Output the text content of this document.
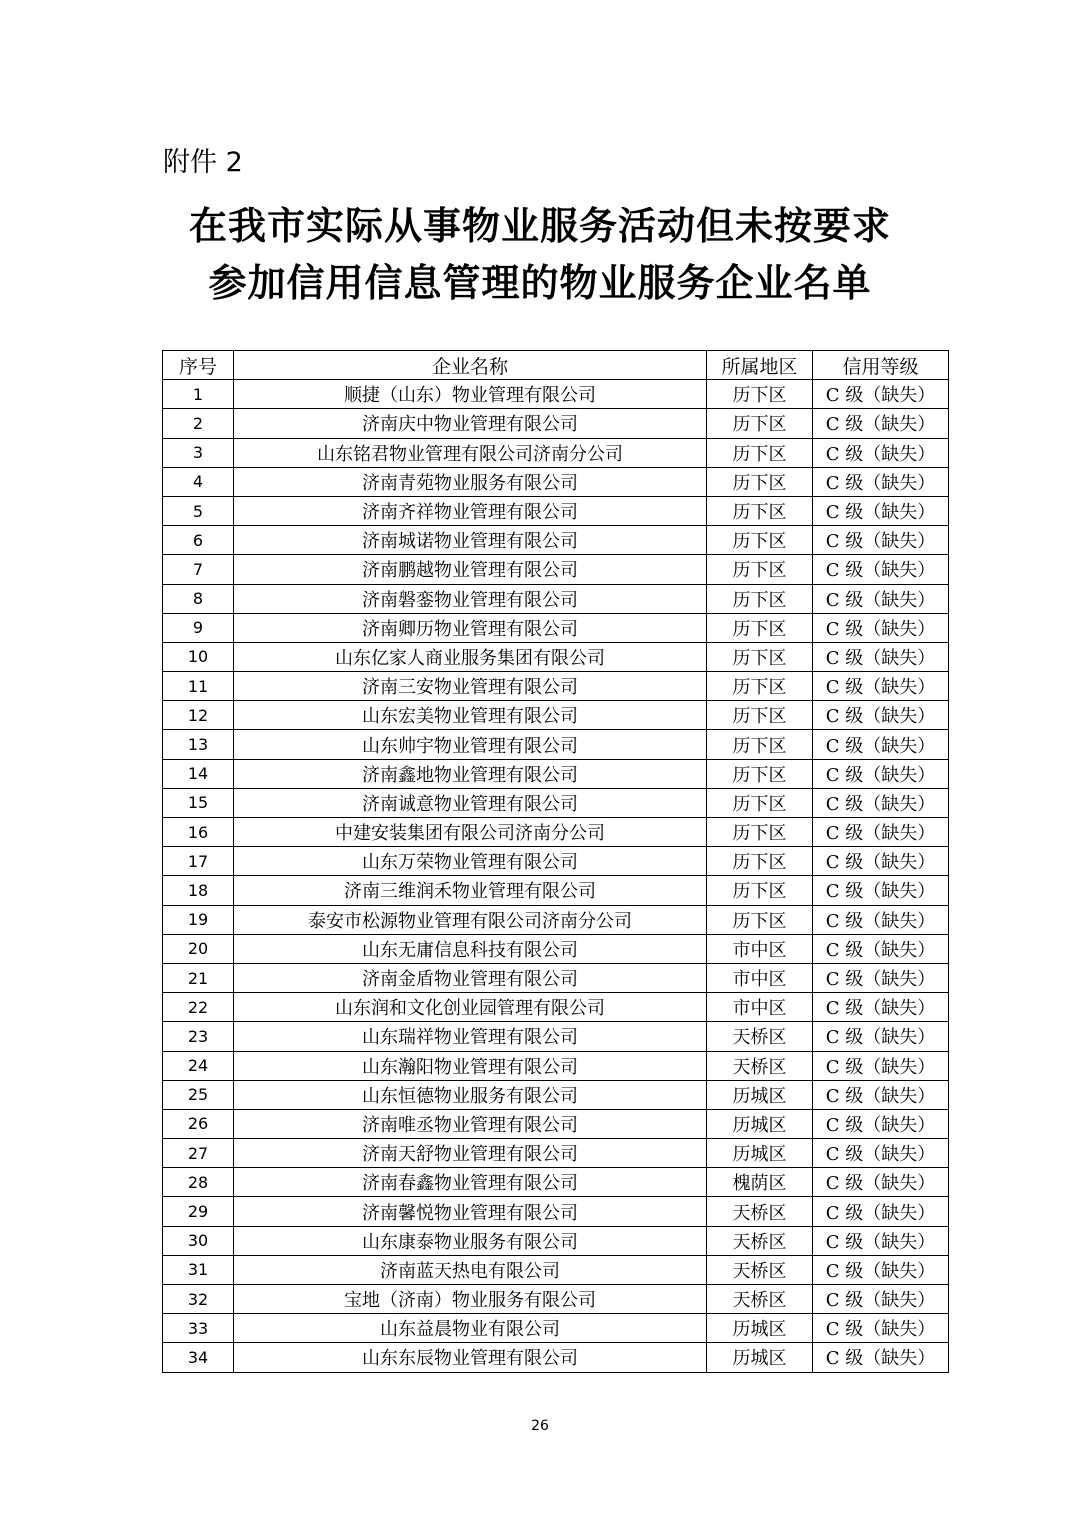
附件 2
在我市实际从事物业服务活动但未按要求
参加信用信息管理的物业服务企业名单
序号	企业名称	所属地区	信用等级
1	顺捷（山东）物业管理有限公司	历下区	C 级（缺失）
2	济南庆中物业管理有限公司	历下区	C 级（缺失）
3	山东铭君物业管理有限公司济南分公司	历下区	C 级（缺失）
4	济南青苑物业服务有限公司	历下区	C 级（缺失）
5	济南齐祥物业管理有限公司	历下区	C 级（缺失）
6	济南城诺物业管理有限公司	历下区	C 级（缺失）
7	济南鹏越物业管理有限公司	历下区	C 级（缺失）
8	济南磐銮物业管理有限公司	历下区	C 级（缺失）
9	济南卿历物业管理有限公司	历下区	C 级（缺失）
10	山东亿家人商业服务集团有限公司	历下区	C 级（缺失）
11	济南三安物业管理有限公司	历下区	C 级（缺失）
12	山东宏美物业管理有限公司	历下区	C 级（缺失）
13	山东帅宇物业管理有限公司	历下区	C 级（缺失）
14	济南鑫地物业管理有限公司	历下区	C 级（缺失）
15	济南诚意物业管理有限公司	历下区	C 级（缺失）
16	中建安装集团有限公司济南分公司	历下区	C 级（缺失）
17	山东万荣物业管理有限公司	历下区	C 级（缺失）
18	济南三维润禾物业管理有限公司	历下区	C 级（缺失）
19	泰安市松源物业管理有限公司济南分公司	历下区	C 级（缺失）
20	山东无庸信息科技有限公司	市中区	C 级（缺失）
21	济南金盾物业管理有限公司	市中区	C 级（缺失）
22	山东润和文化创业园管理有限公司	市中区	C 级（缺失）
23	山东瑞祥物业管理有限公司	天桥区	C 级（缺失）
24	山东瀚阳物业管理有限公司	天桥区	C 级（缺失）
25	山东恒德物业服务有限公司	历城区	C 级（缺失）
26	济南唯丞物业管理有限公司	历城区	C 级（缺失）
27	济南天舒物业管理有限公司	历城区	C 级（缺失）
28	济南春鑫物业管理有限公司	槐荫区	C 级（缺失）
29	济南馨悦物业管理有限公司	天桥区	C 级（缺失）
30	山东康泰物业服务有限公司	天桥区	C 级（缺失）
31	济南蓝天热电有限公司	天桥区	C 级（缺失）
32	宝地（济南）物业服务有限公司	天桥区	C 级（缺失）
33	山东益晨物业有限公司	历城区	C 级（缺失）
34	山东东辰物业管理有限公司	历城区	C 级（缺失）
26
